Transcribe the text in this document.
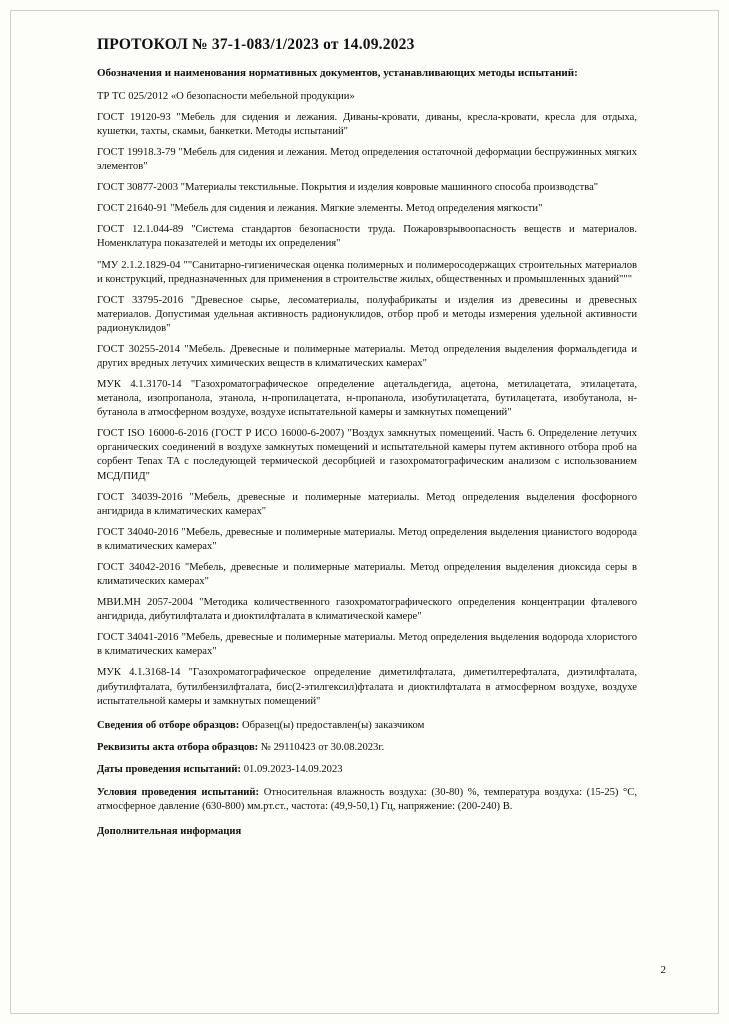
ПРОТОКОЛ № 37-1-083/1/2023 от 14.09.2023

Обозначения и наименования нормативных документов, устанавливающих методы испытаний:

ТР ТС 025/2012 «О безопасности мебельной продукции»

ГОСТ 19120-93 "Мебель для сидения и лежания. Диваны-кровати, диваны, кресла-кровати, кресла для отдыха, кушетки, тахты, скамьи, банкетки. Методы испытаний"

ГОСТ 19918.3-79 "Мебель для сидения и лежания. Метод определения остаточной деформации беспружинных мягких элементов"

ГОСТ 30877-2003 "Материалы текстильные. Покрытия и изделия ковровые машинного способа производства"

ГОСТ 21640-91 "Мебель для сидения и лежания. Мягкие элементы. Метод определения мягкости"

ГОСТ 12.1.044-89 "Система стандартов безопасности труда. Пожаровзрывоопасность веществ и материалов. Номенклатура показателей и методы их определения"

"МУ 2.1.2.1829-04 ""Санитарно-гигиеническая оценка полимерных и полимеросодержащих строительных материалов и конструкций, предназначенных для применения в строительстве жилых, общественных и промышленных зданий"""

ГОСТ 33795-2016 "Древесное сырье, лесоматериалы, полуфабрикаты и изделия из древесины и древесных материалов. Допустимая удельная активность радионуклидов, отбор проб и методы измерения удельной активности радионуклидов"

ГОСТ 30255-2014 "Мебель. Древесные и полимерные материалы. Метод определения выделения формальдегида и других вредных летучих химических веществ в климатических камерах"

МУК 4.1.3170-14 "Газохроматографическое определение ацетальдегида, ацетона, метилацетата, этилацетата, метанола, изопропанола, этанола, н-пропилацетата, н-пропанола, изобутилацетата, бутилацетата, изобутанола, н-бутанола в атмосферном воздухе, воздухе испытательной камеры и замкнутых помещений"

ГОСТ ISO 16000-6-2016 (ГОСТ Р ИСО 16000-6-2007) "Воздух замкнутых помещений. Часть 6. Определение летучих органических соединений в воздухе замкнутых помещений и испытательной камеры путем активного отбора проб на сорбент Tenax TA с последующей термической десорбцией и газохроматографическим анализом с использованием МСД/ПИД"

ГОСТ 34039-2016 "Мебель, древесные и полимерные материалы. Метод определения выделения фосфорного ангидрида в климатических камерах"

ГОСТ 34040-2016 "Мебель, древесные и полимерные материалы. Метод определения выделения цианистого водорода в климатических камерах"

ГОСТ 34042-2016 "Мебель, древесные и полимерные материалы. Метод определения выделения диоксида серы в климатических камерах"

МВИ.МН 2057-2004 "Методика количественного газохроматографического определения концентрации фталевого ангидрида, дибутилфталата и диоктилфталата в климатической камере"

ГОСТ 34041-2016 "Мебель, древесные и полимерные материалы. Метод определения выделения водорода хлористого в климатических камерах"

МУК 4.1.3168-14 "Газохроматографическое определение диметилфталата, диметилтерефталата, диэтилфталата, дибутилфталата, бутилбензилфталата, бис(2-этилгексил)фталата и диоктилфталата в атмосферном воздухе, воздухе испытательной камеры и замкнутых помещений"

Сведения об отборе образцов: Образец(ы) предоставлен(ы) заказчиком

Реквизиты акта отбора образцов: № 29110423 от 30.08.2023г.

Даты проведения испытаний: 01.09.2023-14.09.2023

Условия проведения испытаний: Относительная влажность воздуха: (30-80) %, температура воздуха: (15-25) °С, атмосферное давление (630-800) мм.рт.ст., частота: (49,9-50,1) Гц, напряжение: (200-240) В.

Дополнительная информация

2
